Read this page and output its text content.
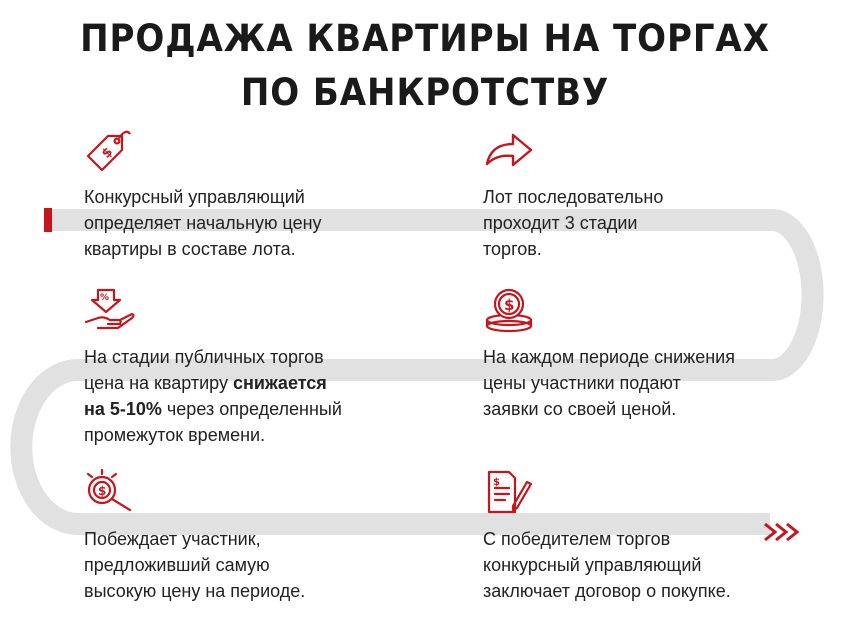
ПРОДАЖА КВАРТИРЫ НА ТОРГАХ
ПО БАНКРОТСТВУ
$
Конкурсный управляющий
определяет начальную цену
квартиры в составе лота.
Лот последовательно
проходит 3 стадии
торгов.
%
На стадии публичных торгов
цена на квартиру снижается
на 5-10% через определенный
промежуток времени.
$
На каждом периоде снижения
цены участники подают
заявки со своей ценой.
$
Побеждает участник,
предложивший самую
высокую цену на периоде.
$
С победителем торгов
конкурсный управляющий
заключает договор о покупке.
